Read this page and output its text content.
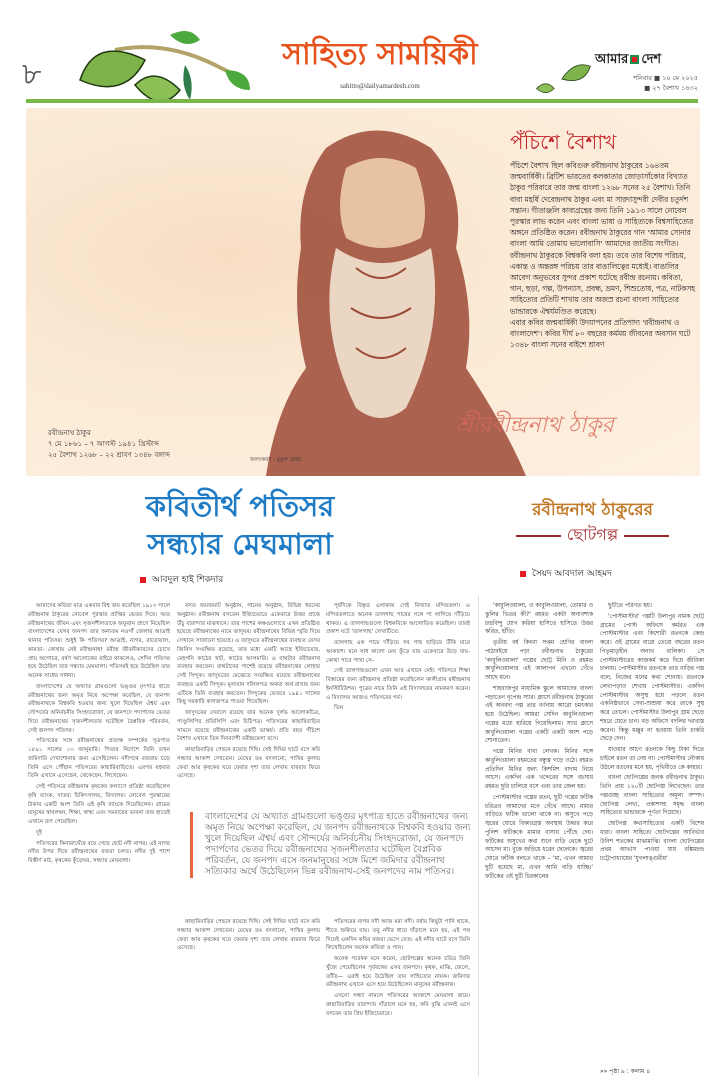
৮
সাহিত্য সাময়িকী
sahitto@dailyamardesh.com
আমার দেশ
শনিবার ■ ১০ মে ২০২৫
■ ২৭ বৈশাখ ১৪৩২
শ্রীরবীন্দ্রনাথ ঠাকুর
পঁচিশে বৈশাখ
পঁচিশে বৈশাখ ছিল কবিগুরু রবীন্দ্রনাথ ঠাকুরের ১৬৪তম জন্মবার্ষিকী। ব্রিটিশ ভারতের কলকাতার জোড়াসাঁকোর বিখ্যাত ঠাকুর পরিবারে তার জন্ম বাংলা ১২৬৮ সনের ২৫ বৈশাখ। তিনি বাবা মহর্ষি দেবেন্দ্রনাথ ঠাকুর এবং মা সারদাসুন্দরী দেবীর চতুর্দশ সন্তান। গীতাঞ্জলি কাব্যগ্রন্থের জন্য তিনি ১৯১৩ সালে নোবেল পুরস্কার লাভ করেন এবং বাংলা ভাষা ও সাহিত্যকে বিশ্বসাহিত্যের অঙ্গনে প্রতিষ্ঠিত করেন। রবীন্দ্রনাথ ঠাকুরের গান 'আমার সোনার বাংলা আমি তোমায় ভালোবাসি' আমাদের জাতীয় সংগীত। রবীন্দ্রনাথ ঠাকুরকে বিশ্বকবি বলা হয়। তবে তার বিশেষ পরিচয়, একান্ত ও অন্তরঙ্গ পরিচয় তার বাঙালিত্বের মধ্যেই। বাঙালির আবেগ অনুভবের সুন্দর প্রকাশ ঘটেছে রবীন্দ্র রচনায়। কবিতা, গান, ছড়া, গল্প, উপন্যাস, প্রবন্ধ, ভ্রমণ, শিশুতোষ, পত্র, নাটকসহ সাহিত্যের প্রতিটি শাখায় তার অজস্র রচনা বাংলা সাহিত্যের ভান্ডারকে ঐশ্বর্যমণ্ডিত করেছে।
এবার কবির জন্মবার্ষিকী উদযাপনের প্রতিপাদ্য 'রবীন্দ্রনাথ ও বাংলাদেশ'। কবির দীর্ঘ ৮০ বছরের কর্মময় জীবনের অবসান ঘটে ১৩৪৮ বাংলা সনের বাইশে শ্রাবণ
রবীন্দ্রনাথ ঠাকুর
৭ মে ১৮৬১ – ৭ আগস্ট ১৯৪১ খ্রিস্টাব্দ
২৫ বৈশাখ ১২৬৮ – ২২ শ্রাবণ ১৩৪৮ বঙ্গাব্দ
অলংকরণ : মুকুল রেজা
কবিতীর্থ পতিসর
সন্ধ্যার মেঘমালা
আবদুল হাই শিকদার
রবীন্দ্রনাথ ঠাকুরের
ছোটগল্প
সৈয়দ আবদাল আহমদ

আমাদের কবিতা মাত্র একবার বিশ্ব জয় করেছিল ১৯১৩ সালে রবীন্দ্রনাথ ঠাকুরের নোবেল পুরস্কার প্রাপ্তির ভেতর দিয়ে। আর রবীন্দ্রনাথের জীবন এবং সৃজনশীলতাকে অফুরান প্রাণে নিয়েছিল বাংলাদেশের যেসব জনপদ তার অন্যতম নওগাঁ জেলার আত্রাই থানার পতিসর। শুধুই কি পতিসর? আত্রাই, নাগর, রাতোয়াল, কামতা- কোথায় নেই রবীন্দ্রনাথ! রবীন্দ্র জীবনীকারদের চোখে প্রায় অগোচর, বর্ষণ আলোকের বাইরে থাকলেও, সেদিন পতিসর হয়ে উঠেছিল তার সন্ধ্যার মেঘমালা। পতিসরই হয়ে উঠেছিল তার অনেক সাধের সাধনা।

বাংলাদেশের যে অখ্যাত গ্রামগুলো ভঙ্গুর মৃৎপাত্র হাতে রবীন্দ্রনাথের জন্য অমৃত নিয়ে অপেক্ষা করেছিল, যে জনপদ রবীন্দ্রনাথকে বিশ্বকবি হওয়ার জন্য খুলে দিয়েছিল ঐশ্বর্য এবং সৌন্দর্যের অনির্বচনীয় সিংহদরোজা, যে জনপদে পদার্পণের ভেতর দিয়ে রবীন্দ্রনাথের সৃজনশীলতার ঘটেছিল বৈপ্লবিক পরিবর্তন, সেই জনপদ পতিসর।

পতিসরের সঙ্গে রবীন্দ্রনাথের প্রত্যক্ষ সম্পর্কের সূত্রপাত ১৮৯১ সালের ১৩ জানুয়ারি। পিতার নির্দেশে তিনি তখন জমিদারি দেখাশোনার জন্য এসেছিলেন। নদীপথে বজরায় চড়ে তিনি এসে পৌঁছান পতিসরের কাছারিবাড়িতে। এরপর বহুবার তিনি এখানে এসেছেন, থেকেছেন, লিখেছেন।

সেই পতিসরে রবীন্দ্রনাথ কৃষকের কল্যাণে প্রতিষ্ঠা করেছিলেন কৃষি ব্যাংক, দাতব্য চিকিৎসালয়, বিদ্যালয়। নোবেল পুরস্কারের টাকার একটি অংশ তিনি এই কৃষি ব্যাংকে দিয়েছিলেন। গ্রামের মানুষের স্বাবলম্বন, শিক্ষা, স্বাস্থ্য এবং সমবায়ের ভাবনা তার হাতেই এখানে রূপ পেয়েছিল।

দুই

পতিসরের কিনারাঘেঁষে বয়ে গেছে ছোট নদী নাগর। এই নাগর নদীর উপর দিয়ে রবীন্দ্রনাথের বজরা চলত। নদীর দুই পাশে বিস্তীর্ণ মাঠ, কৃষকের কুঁড়েঘর, সন্ধ্যার মেঘমালা।

বসত জমজমাট অনুষ্ঠান, গানের অনুষ্ঠান, বিভিন্ন ধরনের অনুষ্ঠান। রবীন্দ্রনাথ বসতেন ইজিচেয়ারে একেবারে উত্তর প্রান্তে উঁচু বারান্দার মাঝখানে। তার পাশের কক্ষগুলোতে এখন প্রতিষ্ঠিত হয়েছে রবীন্দ্রনাথের নামে জাদুঘর। রবীন্দ্রনাথের বিভিন্ন স্মৃতি দিয়ে সেখানে সাজানো হয়েছে। এ জাদুঘরে রবীন্দ্রনাথের ব্যবহৃত যেসব জিনিস সংরক্ষিত রয়েছে, তার মধ্যে একটি আছে ইজিচেয়ার, মেহগনি কাঠের খাট, কাঠের আলমারি। এ বাথটাব রবীন্দ্রনাথ ব্যবহার করতেন। বাথটাবের পাশেই রয়েছে রবীন্দ্রনাথের লোহার সেই সিন্দুক। জাদুঘরের মেঝেতে সংরক্ষিত রয়েছে রবীন্দ্রনাথের ব্যবহৃত একটি সিন্দুক। মূল্যবান দলিলপত্র অথবা অর্থ রাখার জন্য এটিকে তিনি ব্যবহার করতেন। সিন্দুকের ভেতরে ১৯৪১ সালের কিছু সরকারি কাগজপত্র পাওয়া গিয়েছিল।

জাদুঘরের দেয়ালে রয়েছে তার অনেক দুর্লভ আলোকচিত্র, পাণ্ডুলিপির প্রতিলিপি এবং চিঠিপত্র। পতিসরের কাছারিবাড়ির সামনে রয়েছে রবীন্দ্রনাথের একটি ভাস্কর্য। প্রতি বছর পঁচিশে বৈশাখ এখানে তিন দিনব্যাপী রবীন্দ্রমেলা বসে।

কাছারিবাড়ির পেছনে রয়েছে দিঘি। সেই দিঘির ঘাটে বসে কবি সন্ধ্যার আকাশ দেখতেন। মেঘের রঙ বদলানো, পাখির কুলায় ফেরা আর কৃষকের ঘরে ফেরার দৃশ্য তার লেখায় বারবার ফিরে এসেছে।

পূর্বদিকে বিস্তৃত এলাকায় সেই বিখ্যাত মন্দিরতলা। এ মন্দিরতলাতে অনেক তালগাছ পায়ের সঙ্গে পা লাগিয়ে দাঁড়িয়ে থাকত। এ তালগাছগুলো বিশ্বকবিকে আলোড়িত করেছিল। তারই প্রকাশ ঘটে 'তালগাছ' লেখাটিতে:

তালগাছ এক পায়ে দাঁড়িয়ে সব গাছ ছাড়িয়ে উঁকি মারে আকাশে। মনে সাধ কালো মেঘ ফুঁড়ে যায় একেবারে উড়ে যায়- কোথা পাবে পাখা সে-

সেই তালগাছগুলো এখন আর এখানে নেই। পতিসরে শিক্ষা বিস্তারের জন্য রবীন্দ্রনাথ প্রতিষ্ঠা করেছিলেন কালীগ্রাম রথীন্দ্রনাথ ইনস্টিটিউশন। পুত্রের নামে তিনি এই বিদ্যালয়ের নামকরণ করেন। এ বিদ্যালয় আজও পতিসরের গর্ব।

তিন

বাংলাদেশের যে অখ্যাত গ্রামগুলো ভঙ্গুর মৃৎপাত্র হাতে রবীন্দ্রনাথের জন্য অমৃত নিয়ে অপেক্ষা করেছিল, যে জনপদ রবীন্দ্রনাথকে বিশ্বকবি হওয়ার জন্য খুলে দিয়েছিল ঐশ্বর্য এবং সৌন্দর্যের অনির্বচনীয় সিংহদরোজা, যে জনপদে পদার্পণের ভেতর দিয়ে রবীন্দ্রনাথের সৃজনশীলতার ঘটেছিল বৈপ্লবিক পরিবর্তন, যে জনপদ এসে জনমানুষের সঙ্গে মিশে জমিদার রবীন্দ্রনাথ সত্যিকার অর্থে উঠেছিলেন ভিন্ন রবীন্দ্রনাথ-সেই জনপদের নাম পতিসর।

কাছারিবাড়ির পেছনে রয়েছে দিঘি। সেই দিঘির ঘাটে বসে কবি সন্ধ্যার আকাশ দেখতেন। মেঘের রঙ বদলানো, পাখির কুলায় ফেরা আর কৃষকের ঘরে ফেরার দৃশ্য তার লেখায় বারবার ফিরে এসেছে।

পতিসরের নাগর নদী আজ মরা নদী। বর্ষায় কিছুটা পানি থাকে, শীতে শুকিয়ে যায়। তবু নদীর ধারে দাঁড়ালে মনে হয়, এই পথ দিয়েই একদিন কবির বজরা ভেসে যেত। এই নদীর ঘাটে বসে তিনি লিখেছিলেন অনেক কবিতা ও গান।

অনেক গবেষক মনে করেন, ছোটগল্পের অনেক চরিত্র তিনি খুঁজে পেয়েছিলেন পূর্ববঙ্গের এসব জনপদে। কৃষক, মাঝি, জেলে, তাঁতি— এরাই হয়ে উঠেছিল তার সাহিত্যের নায়ক। জমিদার রবীন্দ্রনাথ এখানে এসে হয়ে উঠেছিলেন মানুষের রবীন্দ্রনাথ।

এখনো সন্ধ্যা নামলে পতিসরের আকাশে মেঘমালা জমে। কাছারিবাড়ির বারান্দায় দাঁড়ালে মনে হয়, কবি বুঝি এখনই এসে বসবেন তার প্রিয় ইজিচেয়ারে।

'কাবুলিওয়ালা, ও কাবুলিওয়ালা, তোমার ও ঝুলির ভিতর কী?' রহমত একটা অনাবশ্যক চন্দ্রবিন্দু যোগ করিয়া হাসিতে হাসিতে উত্তর করিত, হাঁতি।

তৃতীয় বর্ষ কিংবা সপ্তম শ্রেণির বাংলা পাঠ্যবইয়ে পড়া রবীন্দ্রনাথ ঠাকুরের 'কাবুলিওয়ালা' গল্পের ছোট্ট মিনি ও রহমত কাবুলিওয়ালার এই আলাপন এখনো গেঁথে আছে মনে।

শাহবাজপুর মাধ্যমিক স্কুলে আমাদের বাংলা পড়াতেন নৃপেন্দ্র স্যার। ক্লাসে রবীন্দ্রনাথ ঠাকুরের এই অনবদ্য গল্প তার বর্ণনায় আরো চমৎকার হয়ে উঠেছিল। আমরা সেদিন কাবুলিওয়ালা গল্পের মধ্যে হারিয়ে গিয়েছিলাম। স্যার ক্লাসে কাবুলিওয়ালা গল্পের একটি একটি অংশ পড়ে শোনাতেন।

গল্পে মিনির বাবা লেখক। মিনির সঙ্গে কাবুলিওয়ালা রহমতের বন্ধুত্ব গড়ে ওঠে। রহমত প্রতিদিন মিনির জন্য কিশমিশ বাদাম নিয়ে আসে। একদিন এক খদ্দেরের সঙ্গে বচসায় রহমত ছুরি চালিয়ে বসে এবং তার জেল হয়।

পোস্টমাস্টার গল্পের রতন, ছুটি গল্পের ফটিক চরিত্রও আমাদের মনে গেঁথে আছে। মামার বাড়িতে ফটিক ভালো থাকে না। অসুখে পড়ে জ্বরের ঘোরে বিকারগ্রস্ত অবস্থায় উদ্ধার করে পুলিশ ফটিককে মামার বাসায় পৌঁছে দেয়। ফটিকের অসুখের কথা শুনে বাড়ি থেকে ছুটে আসেন মা। বুকে জড়িয়ে ধরেন ছেলেকে। জ্বরের ঘোরে ফটিক বলতে থাকে – 'মা, এখন আমার ছুটি হয়েছে মা, এখন আমি বাড়ি যাচ্ছি।' ফটিকের এই ছুটি চিরকালের

ছুটিতে পরিণত হয়।

'পোস্টমাস্টার' গল্পটি উলাপুর নামক ছোট্ট গ্রামের পোস্ট অফিসে কর্মরত এক পোস্টমাস্টার এবং কিশোরী রতনকে কেন্দ্র করে। ওই গ্রামের বারো তেরো বছরের রতন পিতৃমাতৃহীন অনাথ বালিকা। সে পোস্টমাস্টারের কাজকর্ম করে দিয়ে জীবিকা চালায়। পোস্টমাস্টার রতনকে তার বাড়ির গল্প বলে, নিজের মনের কথা শোনায়। রতনকে লেখাপড়াও শেখায় পোস্টমাস্টার। একদিন পোস্টমাস্টার অসুস্থ হয়ে পড়লে রতন একনিষ্ঠভাবে সেবা-শুশ্রূষা করে তাকে সুস্থ করে তোলে। পোস্টমাস্টার উলাপুর গ্রাম ছেড়ে শহরে যেতে চান। বড় অফিসে বদলির দরখাস্ত করেন। কিন্তু মঞ্জুর না হওয়ায় তিনি চাকরি ছেড়ে দেন।

যাওয়ার আগে রতনকে কিছু টাকা দিতে চাইলে রতন তা নেয় না। পোস্টমাস্টার নৌকায় উঠলে রতনের মনে হয়, পৃথিবীতে কে কাহার।

বাংলা ছোটগল্পের জনক রবীন্দ্রনাথ ঠাকুর। তিনি প্রায় ১২০টি ছোটগল্প লিখেছেন। তার গল্পগুচ্ছ বাংলা সাহিত্যের অমূল্য সম্পদ। ছোটগল্প লেখা, প্রকাশসহ সমৃদ্ধ বাংলা সাহিত্যের ভান্ডারকে পূর্ণতা দিয়েছে।

ছোটগল্প কথাসাহিত্যের একটি বিশেষ ধারা। বাংলা সাহিত্যে ছোটগল্পের আবির্ভাব উনিশ শতকের মাঝামাঝি। বাংলা ছোটগল্পের প্রথম আভাস পাওয়া যায় বঙ্কিমচন্দ্র চট্টোপাধ্যায়ের 'যুগলাঙ্গুরীয়'

»» পৃষ্ঠা ৯ : কলাম ৪
